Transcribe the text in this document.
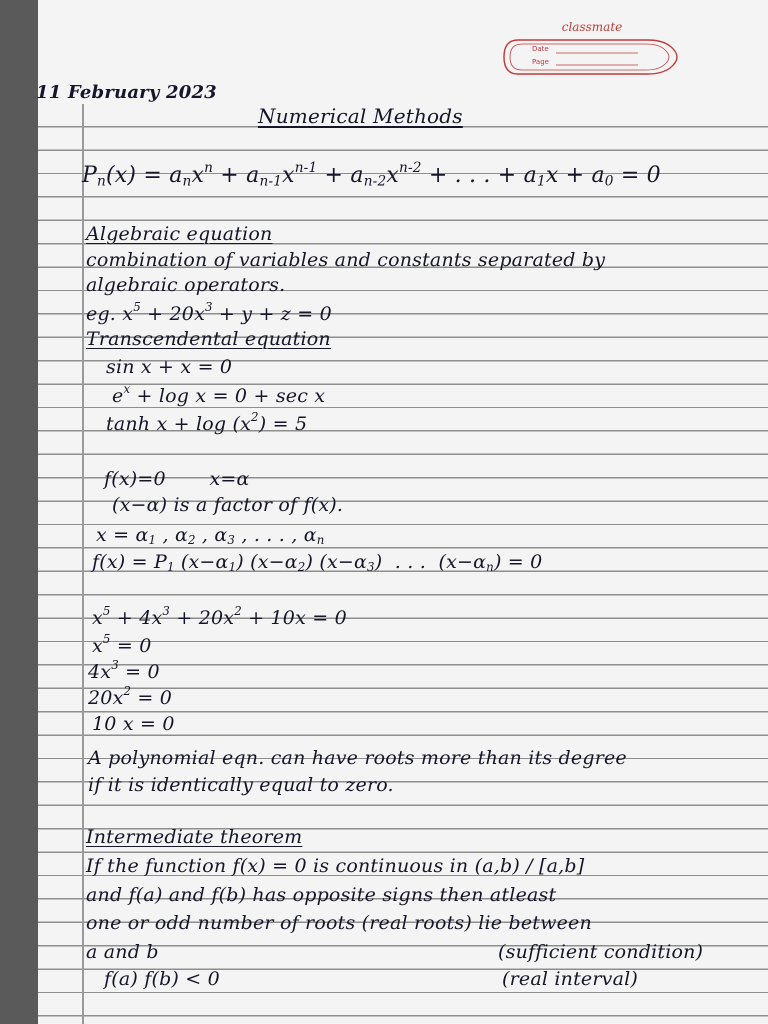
classmate
Date
Page
11 February 2023
Numerical Methods
$P_n(x) = a_nx^n + a_{n-1}x^{n-1} + a_{n-2}x^{n-2}$ + . . . + $a_1x + a_0 = 0$
Algebraic equation
combination of variables and constants separated by
algebraic operators.
eg. $x^5 + 20x^3 + y + z = 0$
Transcendental equation
sin x + x = 0
$e^x + \log x = 0 + \sec x$
$\tanh x + \log (x^2) = 5$
f(x)=0       x=α
(x−α) is a factor of f(x).
$x = \alpha_1$ , $\alpha_2$ , $\alpha_3$ , . . . , $\alpha_n$
$f(x) = P_1$ $(x-\alpha_1)$ $(x-\alpha_2)$ $(x-\alpha_3)$  . . .  $(x-\alpha_n) = 0$
$x^5 + 4x^3 + 20x^2 + 10x = 0$
$x^5 = 0$
$4x^3 = 0$
$20x^2 = 0$
10 x = 0
A polynomial eqn. can have roots more than its degree
if it is identically equal to zero.
Intermediate theorem
If the function f(x) = 0 is continuous in (a,b) / [a,b]
and f(a) and f(b) has opposite signs then atleast
one or odd number of roots (real roots) lie between
a and b	(sufficient condition)
f(a) f(b) < 0	(real interval)
